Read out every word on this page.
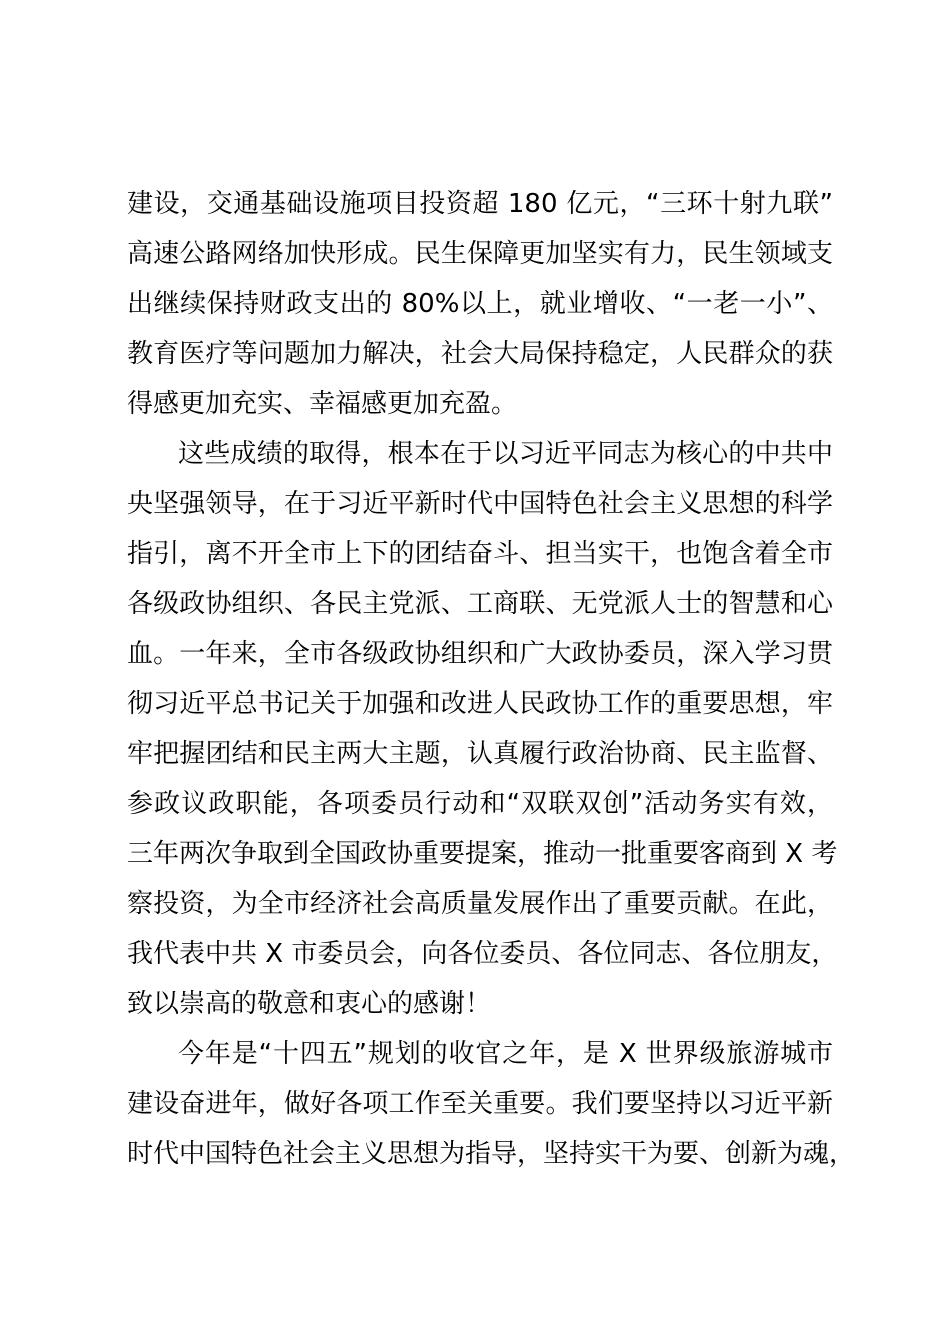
建设，交通基础设施项目投资超 180 亿元，“三环十射九联”
高速公路网络加快形成。民生保障更加坚实有力，民生领域支
出继续保持财政支出的 80%以上，就业增收、“一老一小”、
教育医疗等问题加力解决，社会大局保持稳定，人民群众的获
得感更加充实、幸福感更加充盈。
这些成绩的取得，根本在于以习近平同志为核心的中共中
央坚强领导，在于习近平新时代中国特色社会主义思想的科学
指引，离不开全市上下的团结奋斗、担当实干，也饱含着全市
各级政协组织、各民主党派、工商联、无党派人士的智慧和心
血。一年来，全市各级政协组织和广大政协委员，深入学习贯
彻习近平总书记关于加强和改进人民政协工作的重要思想，牢
牢把握团结和民主两大主题，认真履行政治协商、民主监督、
参政议政职能，各项委员行动和“双联双创”活动务实有效，
三年两次争取到全国政协重要提案，推动一批重要客商到 X 考
察投资，为全市经济社会高质量发展作出了重要贡献。在此，
我代表中共 X 市委员会，向各位委员、各位同志、各位朋友，
致以崇高的敬意和衷心的感谢！
今年是“十四五”规划的收官之年，是 X 世界级旅游城市
建设奋进年，做好各项工作至关重要。我们要坚持以习近平新
时代中国特色社会主义思想为指导，坚持实干为要、创新为魂，
